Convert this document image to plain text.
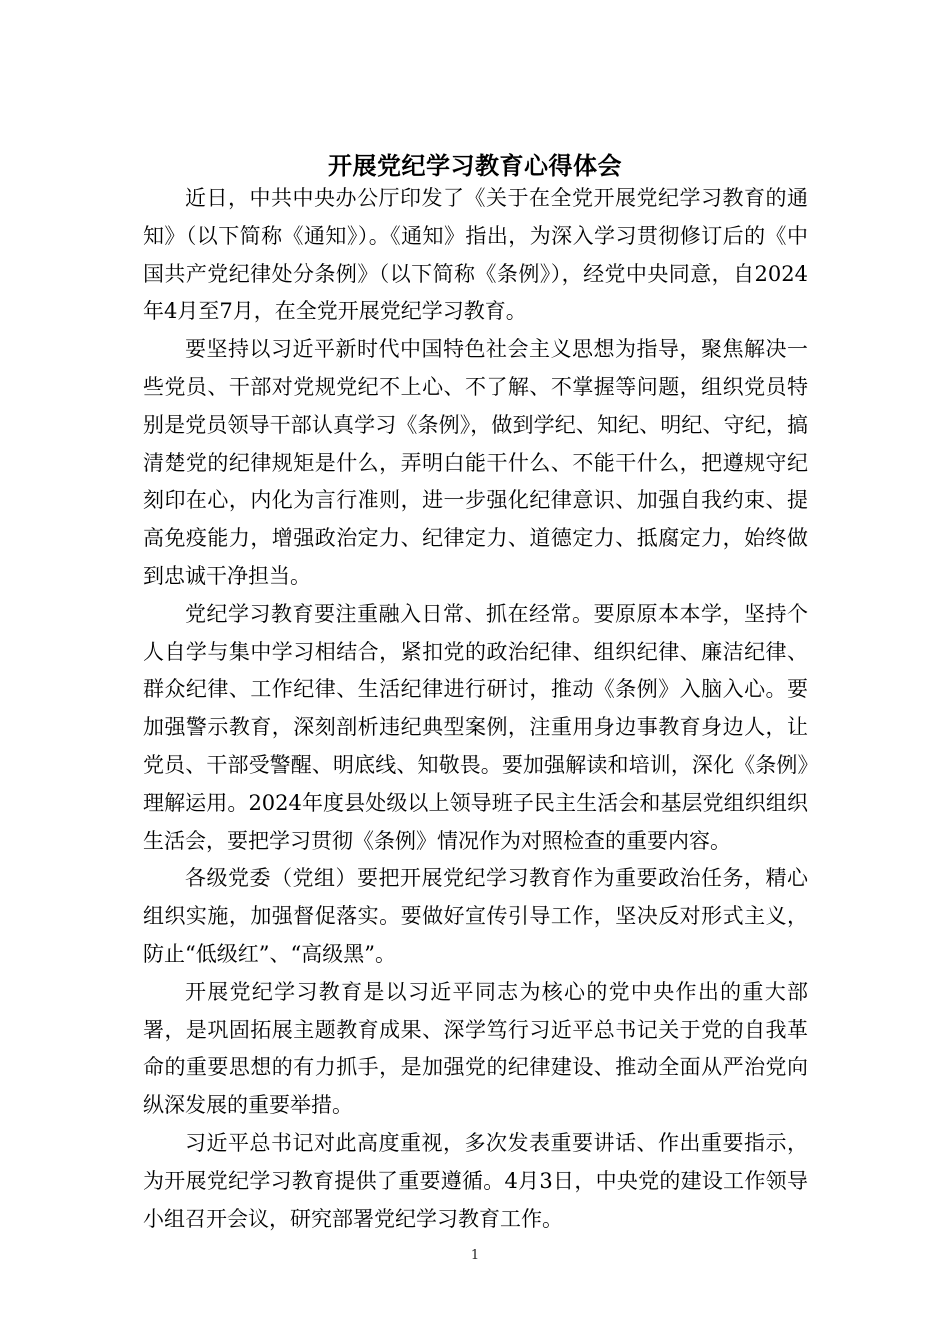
开展党纪学习教育心得体会

近日，中共中央办公厅印发了《关于在全党开展党纪学习教育的通知》（以下简称《通知》）。《通知》指出，为深入学习贯彻修订后的《中国共产党纪律处分条例》（以下简称《条例》），经党中央同意，自2024年4月至7月，在全党开展党纪学习教育。

要坚持以习近平新时代中国特色社会主义思想为指导，聚焦解决一些党员、干部对党规党纪不上心、不了解、不掌握等问题，组织党员特别是党员领导干部认真学习《条例》，做到学纪、知纪、明纪、守纪，搞清楚党的纪律规矩是什么，弄明白能干什么、不能干什么，把遵规守纪刻印在心，内化为言行准则，进一步强化纪律意识、加强自我约束、提高免疫能力，增强政治定力、纪律定力、道德定力、抵腐定力，始终做到忠诚干净担当。

党纪学习教育要注重融入日常、抓在经常。要原原本本学，坚持个人自学与集中学习相结合，紧扣党的政治纪律、组织纪律、廉洁纪律、群众纪律、工作纪律、生活纪律进行研讨，推动《条例》入脑入心。要加强警示教育，深刻剖析违纪典型案例，注重用身边事教育身边人，让党员、干部受警醒、明底线、知敬畏。要加强解读和培训，深化《条例》理解运用。2024年度县处级以上领导班子民主生活会和基层党组织组织生活会，要把学习贯彻《条例》情况作为对照检查的重要内容。

各级党委（党组）要把开展党纪学习教育作为重要政治任务，精心组织实施，加强督促落实。要做好宣传引导工作，坚决反对形式主义，防止“低级红”、“高级黑”。

开展党纪学习教育是以习近平同志为核心的党中央作出的重大部署，是巩固拓展主题教育成果、深学笃行习近平总书记关于党的自我革命的重要思想的有力抓手，是加强党的纪律建设、推动全面从严治党向纵深发展的重要举措。

习近平总书记对此高度重视，多次发表重要讲话、作出重要指示，为开展党纪学习教育提供了重要遵循。4月3日，中央党的建设工作领导小组召开会议，研究部署党纪学习教育工作。

1
